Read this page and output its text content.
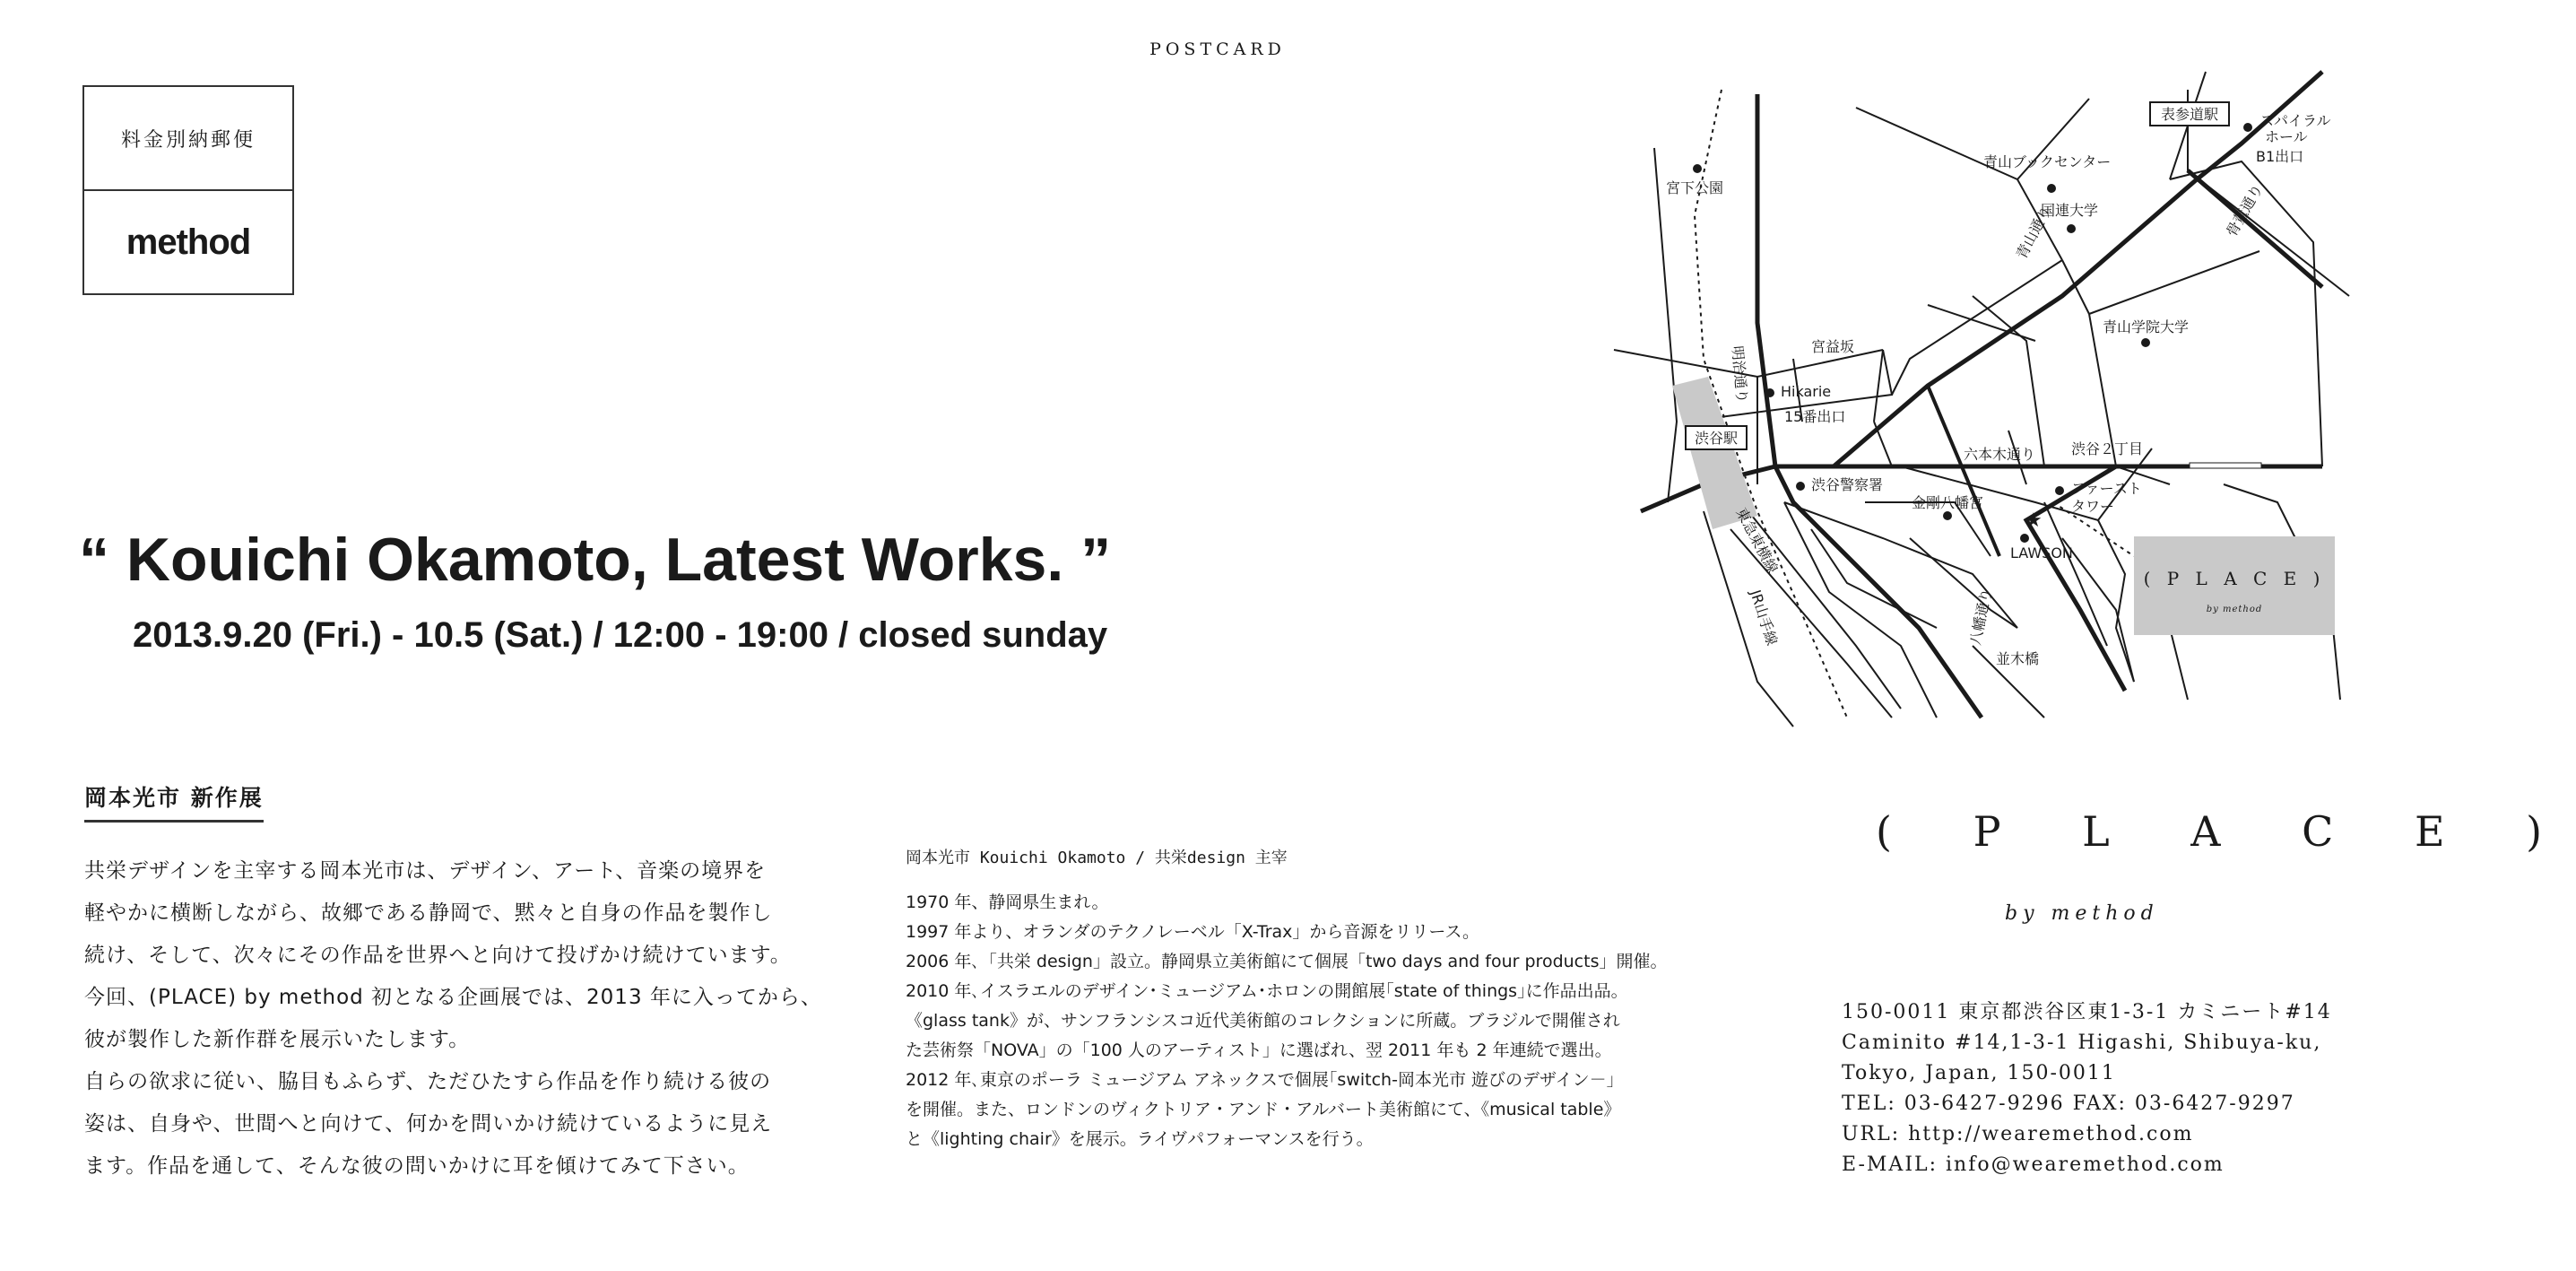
POSTCARD
料金別納郵便
method
“ Kouichi Okamoto, Latest Works. ”
2013.9.20 (Fri.) - 10.5 (Sat.) / 12:00 - 19:00 / closed sunday
岡本光市 新作展

共栄デザインを主宰する岡本光市は、デザイン、アート、音楽の境界を

軽やかに横断しながら、故郷である静岡で、黙々と自身の作品を製作し

続け、そして、次々にその作品を世界へと向けて投げかけ続けています。

今回、(PLACE) by method 初となる企画展では、2013 年に入ってから、

彼が製作した新作群を展示いたします。

自らの欲求に従い、脇目もふらず、ただひたすら作品を作り続ける彼の

姿は、自身や、世間へと向けて、何かを問いかけ続けているように見え

ます。作品を通して、そんな彼の問いかけに耳を傾けてみて下さい。

岡本光市 Kouichi Okamoto / 共栄design 主宰

1970 年、静岡県生まれ。

1997 年より、オランダのテクノレーベル「X-Trax」から音源をリリース。

2006 年､「共栄 design」設立。静岡県立美術館にて個展「two days and four products」開催。

2010 年､イスラエルのデザイン･ミュージアム･ホロンの開館展｢state of things｣に作品出品。

《glass tank》が、サンフランシスコ近代美術館のコレクションに所蔵。ブラジルで開催され

た芸術祭「NOVA」の「100 人のアーティスト」に選ばれ、翌 2011 年も 2 年連続で選出。

2012 年､東京のポーラ ミュージアム アネックスで個展｢switch-岡本光市 遊びのデザイン－」

を開催。また、ロンドンのヴィクトリア・アンド・アルバート美術館にて、《musical table》

と《lighting chair》を展示。ライヴパフォーマンスを行う。

( P L A C E )
by method

150-0011 東京都渋谷区東1-3-1 カミニート#14

Caminito #14,1-3-1 Higashi, Shibuya-ku,

Tokyo, Japan, 150-0011

TEL: 03-6427-9296 FAX: 03-6427-9297

URL: http://wearemethod.com

E-MAIL: info@wearemethod.com

( P L A C E )
by method
宮下公園
青山ブックセンター
国連大学
青山学院大学
宮益坂
Hikarie
15番出口
スパイラル
ホール
B1出口
六本木通り 渋谷２丁目
渋谷警察署
金剛八幡宮
ファースト
タワー
LAWSON
並木橋
★
青山通り	骨董通り
明治通り
東急東横線
JR山手線	八幡通り
渋谷駅
表参道駅
